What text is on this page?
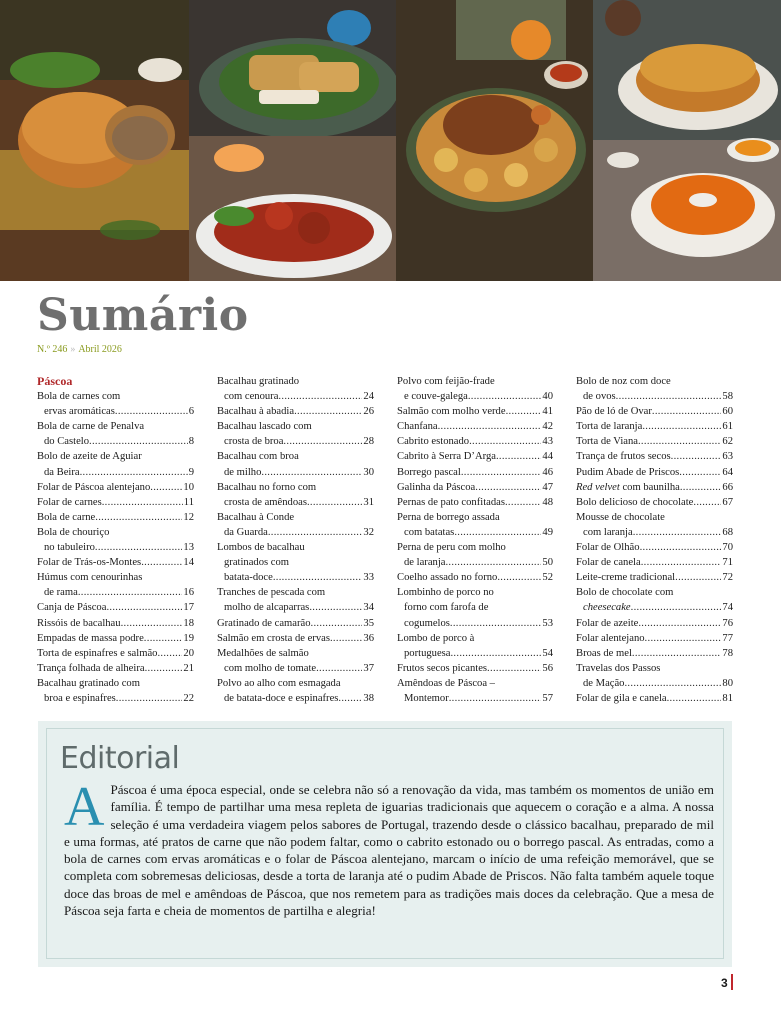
Sumário
N.º 246 » Abril 2026
Páscoa
Bola de carnes com
ervas aromáticas .....	6
Bola de carne de Penalva
do Castelo .....	8
Bolo de azeite de Aguiar
da Beira .....	9
Folar de Páscoa alentejano .....	10
Folar de carnes .....	11
Bola de carne .....	12
Bola de chouriço
no tabuleiro .....	13
Folar de Trás-os-Montes .....	14
Húmus com cenourinhas
de rama .....	16
Canja de Páscoa .....	17
Rissóis de bacalhau .....	18
Empadas de massa podre .....	19
Torta de espinafres e salmão ..... 20
Trança folhada de alheira .....	21
Bacalhau gratinado com
broa e espinafres .....	22
Bacalhau gratinado
com cenoura .....	24
Bacalhau à abadia .....	26
Bacalhau lascado com
crosta de broa .....	28
Bacalhau com broa
de milho .....	30
Bacalhau no forno com
crosta de amêndoas .....	31
Bacalhau à Conde
da Guarda .....	32
Lombos de bacalhau
gratinados com
batata-doce .....	33
Tranches de pescada com
molho de alcaparras .....	34
Gratinado de camarão .....	35
Salmão em crosta de ervas .....	36
Medalhões de salmão
com molho de tomate .....	37
Polvo ao alho com esmagada
de batata-doce e espinafres ..... 38
Polvo com feijão-frade
e couve-galega .....	40
Salmão com molho verde .....	41
Chanfana .....	42
Cabrito estonado .....	43
Cabrito à Serra D’Arga .....	44
Borrego pascal .....	46
Galinha da Páscoa .....	47
Pernas de pato confitadas .....	48
Perna de borrego assada
com batatas .....	49
Perna de peru com molho
de laranja .....	50
Coelho assado no forno .....	52
Lombinho de porco no
forno com farofa de
cogumelos .....	53
Lombo de porco à
portuguesa .....	54
Frutos secos picantes .....	56
Amêndoas de Páscoa –
Montemor .....	57
Bolo de noz com doce
de ovos .....	58
Pão de ló de Ovar .....	60
Torta de laranja .....	61
Torta de Viana .....	62
Trança de frutos secos .....	63
Pudim Abade de Priscos .....	64
Red velvet com baunilha .....	66
Bolo delicioso de chocolate .....	67
Mousse de chocolate
com laranja .....	68
Folar de Olhão .....	70
Folar de canela .....	71
Leite-creme tradicional .....	72
Bolo de chocolate com
cheesecake .....	74
Folar de azeite .....	76
Folar alentejano .....	77
Broas de mel .....	78
Travelas dos Passos
de Mação .....	80
Folar de gila e canela .....	81
Editorial
A Páscoa é uma época especial, onde se celebra não só a renovação da vida, mas também os momentos de união em família. É tempo de partilhar uma mesa repleta de iguarias tradicionais que aquecem o coração e a alma. A nossa seleção é uma verdadeira viagem pelos sabores de Portugal, trazendo desde o clássico bacalhau, preparado de mil e uma formas, até pratos de carne que não podem faltar, como o cabrito estonado ou o borrego pascal. As entradas, como a bola de carnes com ervas aromáticas e o folar de Páscoa alentejano, marcam o início de uma refeição memorável, que se completa com sobremesas deliciosas, desde a torta de laranja até o pudim Abade de Priscos. Não falta também aquele toque doce das broas de mel e amêndoas de Páscoa, que nos remetem para as tradições mais doces da celebração. Que a mesa de Páscoa seja farta e cheia de momentos de partilha e alegria!
3
